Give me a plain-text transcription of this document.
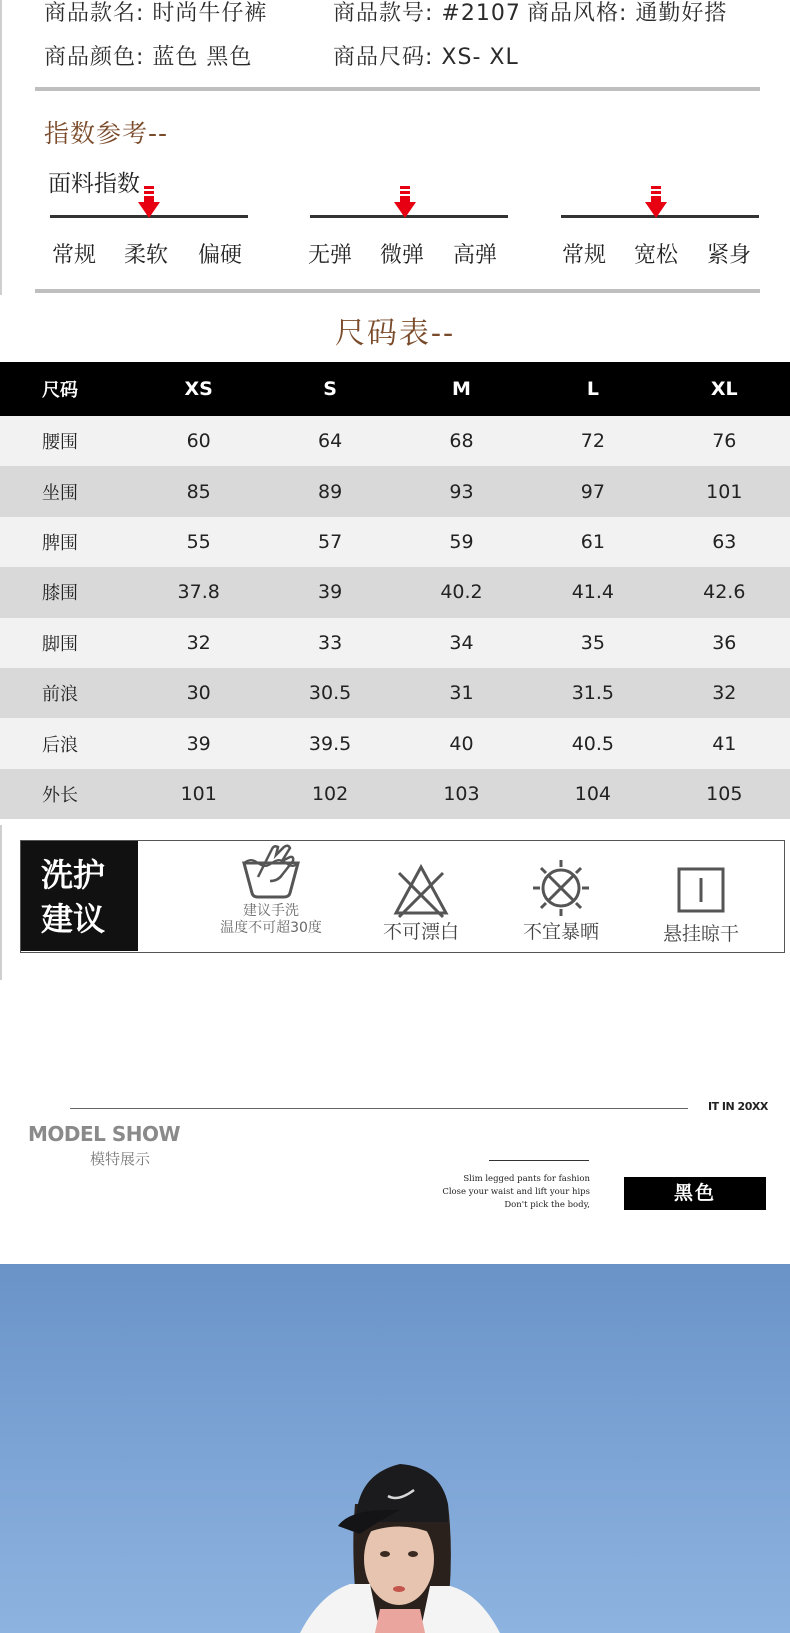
商品款名: 时尚牛仔裤	商品款号: #2107 商品风格: 通勤好搭
商品颜色: 蓝色 黑色	商品尺码: XS- XL
指数参考--
面料指数
常规 柔软 偏硬	无弹 微弹 高弹	常规 宽松 紧身
尺码表--
尺码	XS	S	M	L	XL
腰围	60	64	68	72	76
坐围	85	89	93	97	101
脾围	55	57	59	61	63
膝围	37.8	39	40.2	41.4	42.6
脚围	32	33	34	35	36
前浪	30	30.5	31	31.5	32
后浪	39	39.5	40	40.5	41
外长	101	102	103	104	105
洗护
建议	建议手洗
温度不可超30度	不可漂白	不宜暴晒	悬挂晾干
IT IN 20XX
MODEL SHOW
模特展示
Slim legged pants for fashion
Close your waist and lift your hips
Don't pick the body,
黑色
